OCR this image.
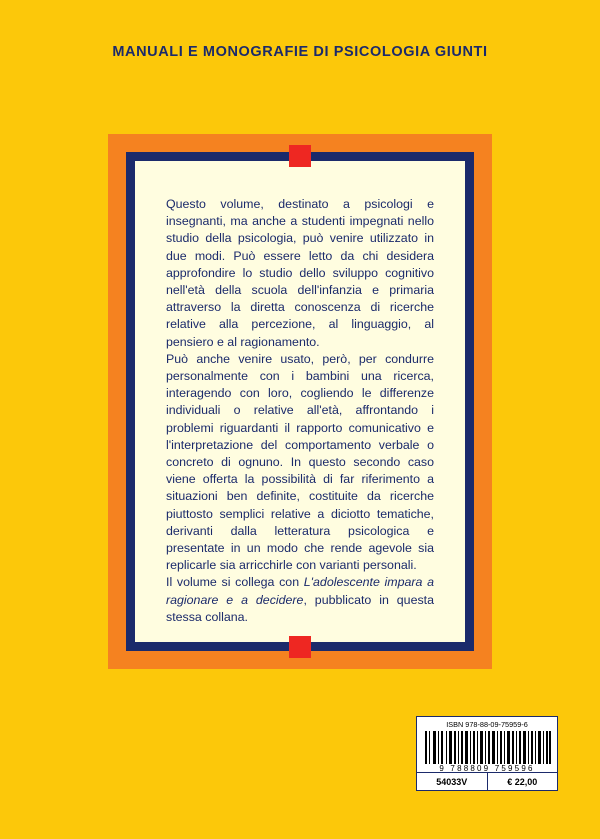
MANUALI E MONOGRAFIE DI PSICOLOGIA GIUNTI

Questo volume, destinato a psicologi e insegnanti, ma anche a studenti impegnati nello studio della psicologia, può venire utilizzato in due modi. Può essere letto da chi desidera approfondire lo studio dello sviluppo cognitivo nell'età della scuola dell'infanzia e primaria attraverso la diretta conoscenza di ricerche relative alla percezione, al linguaggio, al pensiero e al ragionamento.

Può anche venire usato, però, per condurre personalmente con i bambini una ricerca, interagendo con loro, cogliendo le differenze individuali o relative all'età, affrontando i problemi riguardanti il rapporto comunicativo e l'interpretazione del comportamento verbale o concreto di ognuno. In questo secondo caso viene offerta la possibilità di far riferimento a situazioni ben definite, costituite da ricerche piuttosto semplici relative a diciotto tematiche, derivanti dalla letteratura psicologica e presentate in un modo che rende agevole sia replicarle sia arricchirle con varianti personali.

Il volume si collega con L'adolescente impara a ragionare e a decidere, pubblicato in questa stessa collana.

ISBN 978-88-09-75959-6
9 788809 759596
54033V	€ 22,00
